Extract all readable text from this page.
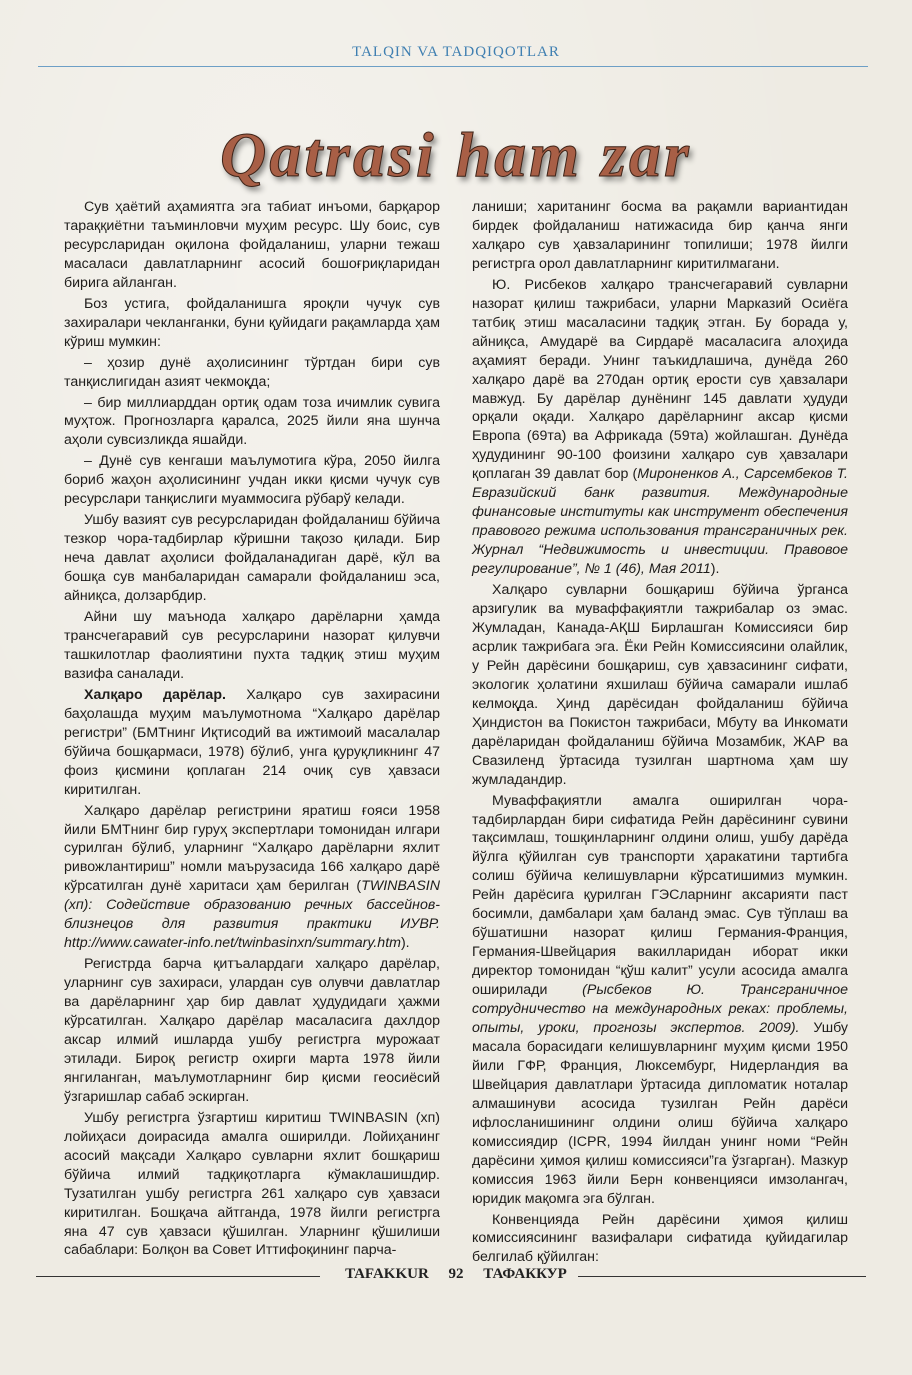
TALQIN VA TADQIQOTLAR
Qatrasi ham zar

Сув ҳаётий аҳамиятга эга табиат инъоми, барқарор тараққиётни таъминловчи муҳим ресурс. Шу боис, сув ресурсларидан оқилона фойдаланиш, уларни тежаш масаласи давлатларнинг асосий бошоғриқларидан бирига айланган.

Боз устига, фойдаланишга яроқли чучук сув захиралари чекланганки, буни қуйидаги рақамларда ҳам кўриш мумкин:

– ҳозир дунё аҳолисининг тўртдан бири сув танқислигидан азият чекмоқда;

– бир миллиарддан ортиқ одам тоза ичимлик сувига муҳтож. Прогнозларга қаралса, 2025 йили яна шунча аҳоли сувсизликда яшайди.

– Дунё сув кенгаши маълумотига кўра, 2050 йилга бориб жаҳон аҳолисининг учдан икки қисми чучук сув ресурслари танқислиги муаммосига рўбарў келади.

Ушбу вазият сув ресурсларидан фойдаланиш бўйича тезкор чора-тадбирлар кўришни тақозо қилади. Бир неча давлат аҳолиси фойдаланадиган дарё, кўл ва бошқа сув манбаларидан самарали фойдаланиш эса, айниқса, долзарбдир.

Айни шу маънода халқаро дарёларни ҳамда трансчегаравий сув ресурсларини назорат қилувчи ташкилотлар фаолиятини пухта тадқиқ этиш муҳим вазифа саналади.

Халқаро дарёлар. Халқаро сув захирасини баҳолашда муҳим маълумотнома “Халқаро дарёлар регистри” (БМТнинг Иқтисодий ва ижтимоий масалалар бўйича бошқармаси, 1978) бўлиб, унга қуруқликнинг 47 фоиз қисмини қоплаган 214 очиқ сув ҳавзаси киритилган.

Халқаро дарёлар регистрини яратиш ғояси 1958 йили БМТнинг бир гуруҳ экспертлари томонидан илгари сурилган бўлиб, уларнинг “Халқаро дарёларни яхлит ривожлантириш” номли маърузасида 166 халқаро дарё кўрсатилган дунё харитаси ҳам берилган (TWINBASIN (хп): Содействие образованию речных бассейнов-близнецов для развития практики ИУВР. http://www.cawater-info.net/twinbasinxn/summary.htm).

Регистрда барча қитъалардаги халқаро дарёлар, уларнинг сув захираси, улардан сув олувчи давлатлар ва дарёларнинг ҳар бир давлат ҳудудидаги ҳажми кўрсатилган. Халқаро дарёлар масаласига дахлдор аксар илмий ишларда ушбу регистрга мурожаат этилади. Бироқ регистр охирги марта 1978 йили янгиланган, маълумотларнинг бир қисми геосиёсий ўзгаришлар сабаб эскирган.

Ушбу регистрга ўзгартиш киритиш TWINBASIN (хп) лойиҳаси доирасида амалга оширилди. Лойиҳанинг асосий мақсади Халқаро сувларни яхлит бошқариш бўйича илмий тадқиқотларга кўмаклашишдир. Тузатилган ушбу регистрга 261 халқаро сув ҳавзаси киритилган. Бошқача айтганда, 1978 йилги регистрга яна 47 сув ҳавзаси қўшилган. Уларнинг қўшилиши сабаблари: Болқон ва Совет Иттифоқининг парча-

ланиши; хаританинг босма ва рақамли вариантидан бирдек фойдаланиш натижасида бир қанча янги халқаро сув ҳавзаларининг топилиши; 1978 йилги регистрга орол давлатларнинг киритилмагани.

Ю. Рисбеков халқаро трансчегаравий сувларни назорат қилиш тажрибаси, уларни Марказий Осиёга татбиқ этиш масаласини тадқиқ этган. Бу борада у, айниқса, Амударё ва Сирдарё масаласига алоҳида аҳамият беради. Унинг таъкидлашича, дунёда 260 халқаро дарё ва 270дан ортиқ ерости сув ҳавзалари мавжуд. Бу дарёлар дунёнинг 145 давлати ҳудуди орқали оқади. Халқаро дарёларнинг аксар қисми Европа (69та) ва Африкада (59та) жойлашган. Дунёда ҳудудининг 90-100 фоизини халқаро сув ҳавзалари қоплаган 39 давлат бор (Мироненков А., Сарсембеков Т. Евразийский банк развития. Международные финансовые институты как инструмент обеспечения правового режима использования трансграничных рек. Журнал “Недвижимость и инвестиции. Правовое регулирование”, № 1 (46), Мая 2011).

Халқаро сувларни бошқариш бўйича ўрганса арзигулик ва муваффақиятли тажрибалар оз эмас. Жумладан, Канада-АҚШ Бирлашган Комиссияси бир асрлик тажрибага эга. Ёки Рейн Комиссиясини олайлик, у Рейн дарёсини бошқариш, сув ҳавзасининг сифати, экологик ҳолатини яхшилаш бўйича самарали ишлаб келмоқда. Ҳинд дарёсидан фойдаланиш бўйича Ҳиндистон ва Покистон тажрибаси, Мбуту ва Инкомати дарёларидан фойдаланиш бўйича Мозамбик, ЖАР ва Свазиленд ўртасида тузилган шартнома ҳам шу жумладандир.

Муваффақиятли амалга оширилган чора-тадбирлардан бири сифатида Рейн дарёсининг сувини тақсимлаш, тошқинларнинг олдини олиш, ушбу дарёда йўлга қўйилган сув транспорти ҳаракатини тартибга солиш бўйича келишувларни кўрсатишимиз мумкин. Рейн дарёсига қурилган ГЭСларнинг аксарияти паст босимли, дамбалари ҳам баланд эмас. Сув тўплаш ва бўшатишни назорат қилиш Германия-Франция, Германия-Швейцария вакилларидан иборат икки директор томонидан “қўш калит” усули асосида амалга оширилади (Рысбеков Ю. Трансграничное сотрудничество на международных реках: проблемы, опыты, уроки, прогнозы экспертов. 2009). Ушбу масала борасидаги келишувларнинг муҳим қисми 1950 йили ГФР, Франция, Люксембург, Нидерландия ва Швейцария давлатлари ўртасида дипломатик ноталар алмашинуви асосида тузилган Рейн дарёси ифлосланишининг олдини олиш бўйича халқаро комиссиядир (ICPR, 1994 йилдан унинг номи “Рейн дарёсини ҳимоя қилиш комиссияси”га ўзгарган). Мазкур комиссия 1963 йили Берн конвенцияси имзолангач, юридик мақомга эга бўлган.

Конвенцияда Рейн дарёсини ҳимоя қилиш комиссиясининг вазифалари сифатида қуйидагилар белгилаб қўйилган:

TAFAKKUR 92 ТАФАККУР
